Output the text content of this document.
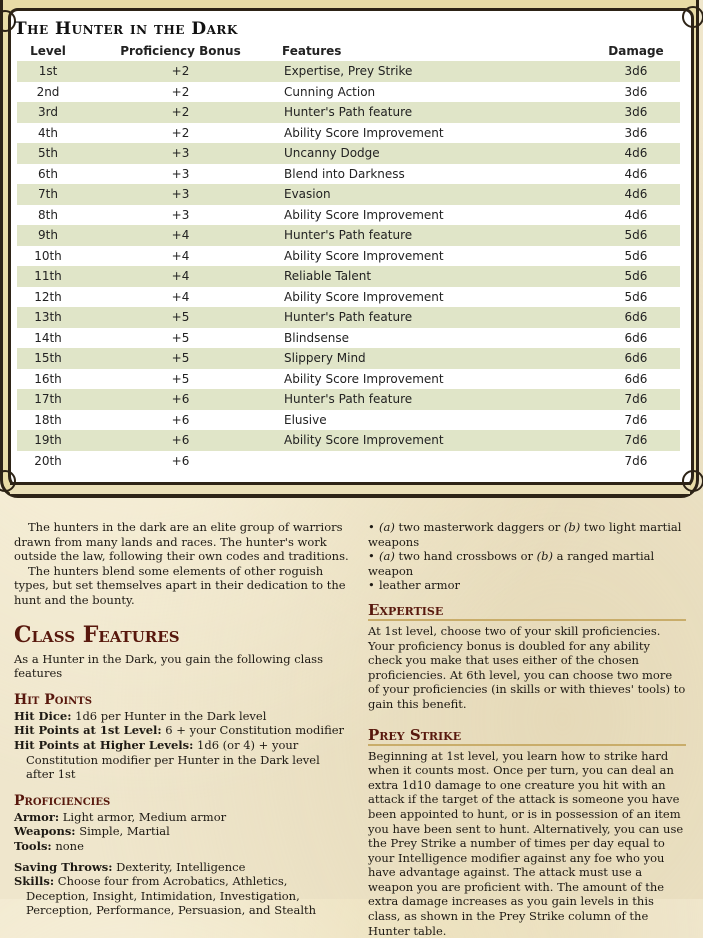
The Hunter in the Dark
Level	Proficiency Bonus	Features	Damage
1st	+2	Expertise, Prey Strike	3d6
2nd	+2	Cunning Action	3d6
3rd	+2	Hunter's Path feature	3d6
4th	+2	Ability Score Improvement	3d6
5th	+3	Uncanny Dodge	4d6
6th	+3	Blend into Darkness	4d6
7th	+3	Evasion	4d6
8th	+3	Ability Score Improvement	4d6
9th	+4	Hunter's Path feature	5d6
10th	+4	Ability Score Improvement	5d6
11th	+4	Reliable Talent	5d6
12th	+4	Ability Score Improvement	5d6
13th	+5	Hunter's Path feature	6d6
14th	+5	Blindsense	6d6
15th	+5	Slippery Mind	6d6
16th	+5	Ability Score Improvement	6d6
17th	+6	Hunter's Path feature	7d6
18th	+6	Elusive	7d6
19th	+6	Ability Score Improvement	7d6
20th	+6		7d6

The hunters in the dark are an elite group of warriors drawn from many lands and races. The hunter's work outside the law, following their own codes and traditions.

The hunters blend some elements of other roguish types, but set themselves apart in their dedication to the hunt and the bounty.

Class Features

As a Hunter in the Dark, you gain the following class features

Hit Points

Hit Dice: 1d6 per Hunter in the Dark level

Hit Points at 1st Level: 6 + your Constitution modifier

Hit Points at Higher Levels: 1d6 (or 4) + your Constitution modifier per Hunter in the Dark level after 1st

Proficiencies

Armor: Light armor, Medium armor

Weapons: Simple, Martial

Tools: none

Saving Throws: Dexterity, Intelligence

Skills: Choose four from Acrobatics, Athletics, Deception, Insight, Intimidation, Investigation, Perception, Performance, Persuasion, and Stealth

• (a) two masterwork daggers or (b) two light martial weapons
• (a) two hand crossbows or (b) a ranged martial weapon
• leather armor
Expertise

At 1st level, choose two of your skill proficiencies. Your proficiency bonus is doubled for any ability check you make that uses either of the chosen proficiencies. At 6th level, you can choose two more of your proficiencies (in skills or with thieves' tools) to gain this benefit.

Prey Strike

Beginning at 1st level, you learn how to strike hard when it counts most. Once per turn, you can deal an extra 1d10 damage to one creature you hit with an attack if the target of the attack is someone you have been appointed to hunt, or is in possession of an item you have been sent to hunt. Alternatively, you can use the Prey Strike a number of times per day equal to your Intelligence modifier against any foe who you have advantage against. The attack must use a weapon you are proficient with. The amount of the extra damage increases as you gain levels in this class, as shown in the Prey Strike column of the Hunter table.
